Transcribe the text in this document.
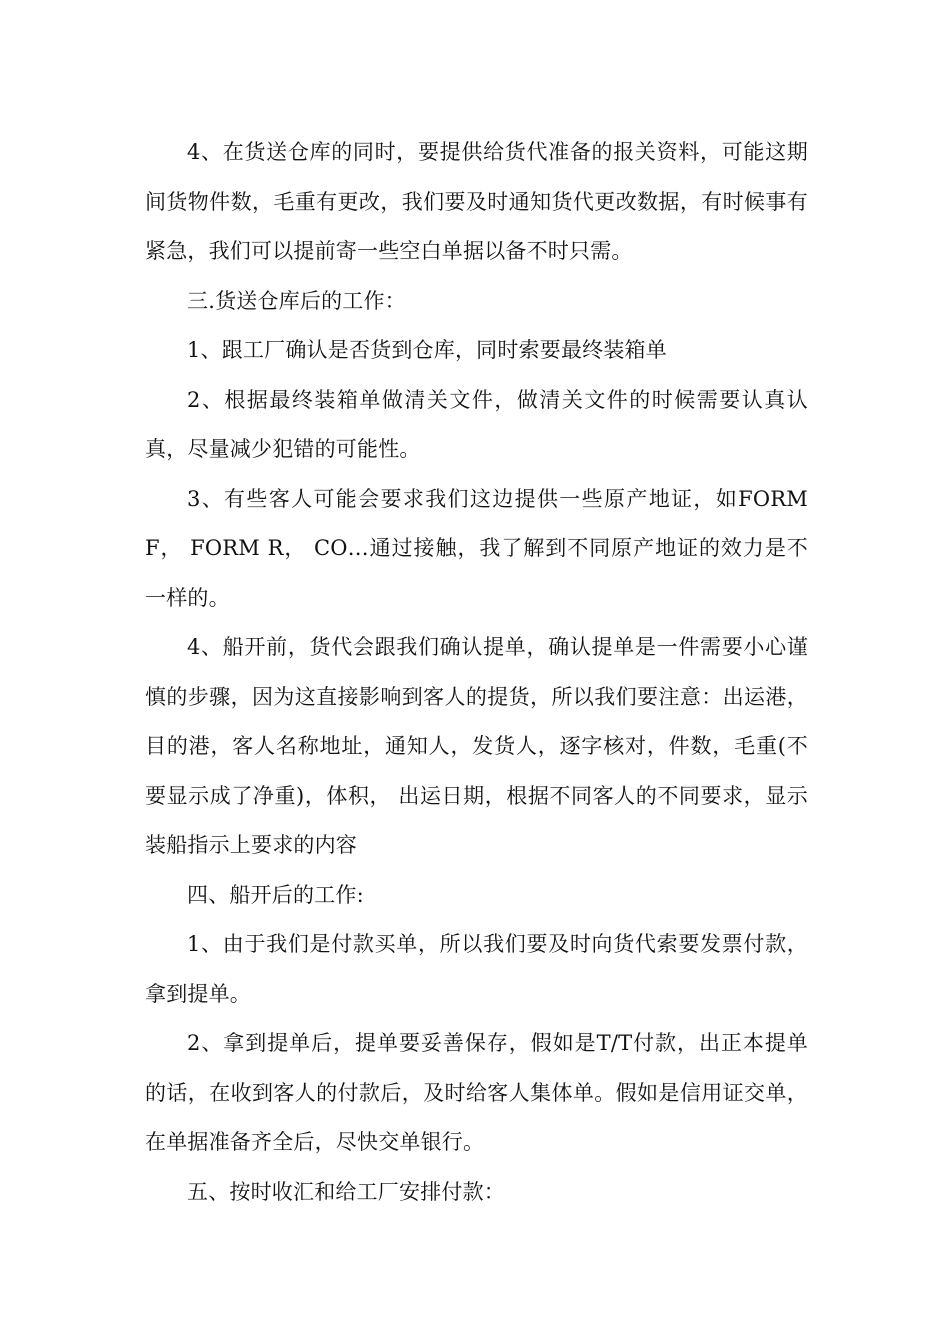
4、在货送仓库的同时，要提供给货代准备的报关资料，可能这期间货物件数，毛重有更改，我们要及时通知货代更改数据，有时候事有紧急，我们可以提前寄一些空白单据以备不时只需。

三.货送仓库后的工作：

1、跟工厂确认是否货到仓库，同时索要最终装箱单

2、根据最终装箱单做清关文件，做清关文件的时候需要认真认真，尽量减少犯错的可能性。

3、有些客人可能会要求我们这边提供一些原产地证，如FORM F， FORM R， CO…通过接触，我了解到不同原产地证的效力是不一样的。

4、船开前，货代会跟我们确认提单，确认提单是一件需要小心谨慎的步骤，因为这直接影响到客人的提货，所以我们要注意：出运港，目的港，客人名称地址，通知人，发货人，逐字核对，件数，毛重(不要显示成了净重)，体积， 出运日期，根据不同客人的不同要求，显示装船指示上要求的内容

四、船开后的工作:

1、由于我们是付款买单，所以我们要及时向货代索要发票付款，拿到提单。

2、拿到提单后，提单要妥善保存，假如是T/T付款，出正本提单的话，在收到客人的付款后，及时给客人集体单。假如是信用证交单，在单据准备齐全后，尽快交单银行。

五、按时收汇和给工厂安排付款：
